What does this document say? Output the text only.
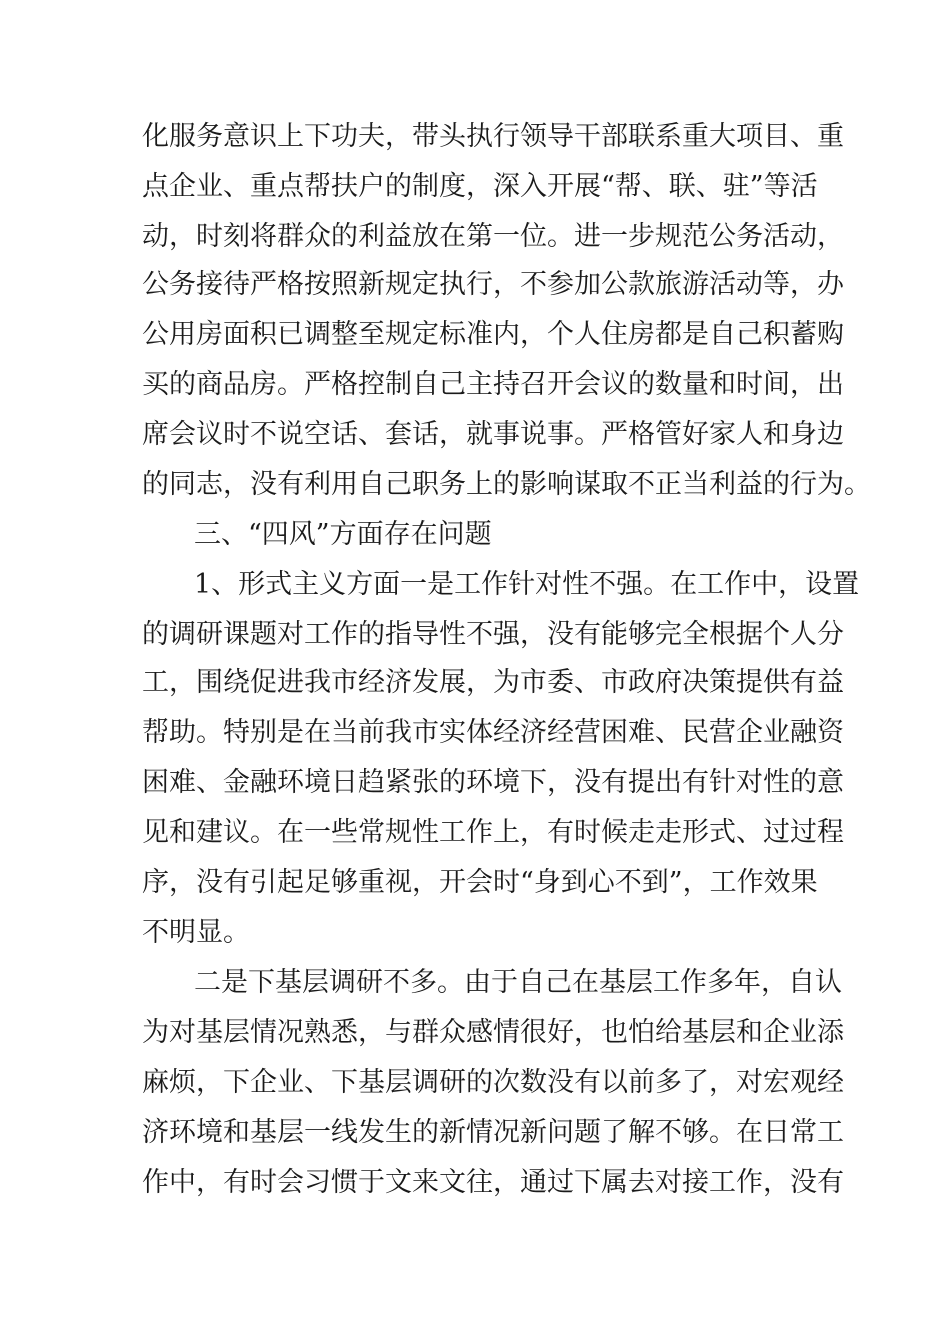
化服务意识上下功夫，带头执行领导干部联系重大项目、重
点企业、重点帮扶户的制度，深入开展“帮、联、驻”等活
动，时刻将群众的利益放在第一位。进一步规范公务活动，
公务接待严格按照新规定执行，不参加公款旅游活动等，办
公用房面积已调整至规定标准内，个人住房都是自己积蓄购
买的商品房。严格控制自己主持召开会议的数量和时间，出
席会议时不说空话、套话，就事说事。严格管好家人和身边
的同志，没有利用自己职务上的影响谋取不正当利益的行为。
三、“四风”方面存在问题
1、形式主义方面一是工作针对性不强。在工作中，设置
的调研课题对工作的指导性不强，没有能够完全根据个人分
工，围绕促进我市经济发展，为市委、市政府决策提供有益
帮助。特别是在当前我市实体经济经营困难、民营企业融资
困难、金融环境日趋紧张的环境下，没有提出有针对性的意
见和建议。在一些常规性工作上，有时候走走形式、过过程
序，没有引起足够重视，开会时“身到心不到”，工作效果
不明显。
二是下基层调研不多。由于自己在基层工作多年，自认
为对基层情况熟悉，与群众感情很好，也怕给基层和企业添
麻烦，下企业、下基层调研的次数没有以前多了，对宏观经
济环境和基层一线发生的新情况新问题了解不够。在日常工
作中，有时会习惯于文来文往，通过下属去对接工作，没有
